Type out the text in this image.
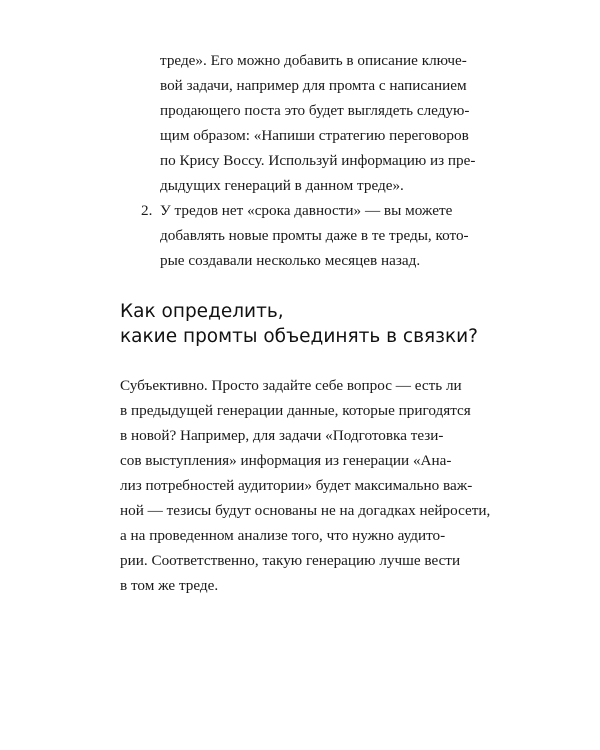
треде». Его можно добавить в описание ключе-
вой задачи, например для промта с написанием
продающего поста это будет выглядеть следую-
щим образом: «Напиши стратегию переговоров
по Крису Воссу. Используй информацию из пре-
дыдущих генераций в данном треде».
2. У тредов нет «срока давности» — вы можете
добавлять новые промты даже в те треды, кото-
рые создавали несколько месяцев назад.
Как определить,
какие промты объединять в связки?
Субъективно. Просто задайте себе вопрос — есть ли
в предыдущей генерации данные, которые пригодятся
в новой? Например, для задачи «Подготовка тези-
сов выступления» информация из генерации «Ана-
лиз потребностей аудитории» будет максимально важ-
ной — тезисы будут основаны не на догадках нейросети,
а на проведенном анализе того, что нужно аудито-
рии. Соответственно, такую генерацию лучше вести
в том же треде.
